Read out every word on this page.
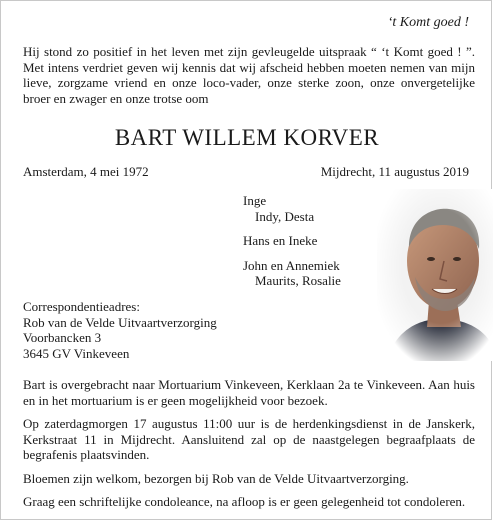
‘t Komt goed !
Hij stond zo positief in het leven met zijn gevleugelde uitspraak “ ‘t Komt goed ! ”. Met intens verdriet geven wij kennis dat wij afscheid hebben moeten nemen van mijn lieve, zorgzame vriend en onze loco-vader, onze sterke zoon, onze onvergetelijke broer en zwager en onze trotse oom
BART WILLEM KORVER
Amsterdam, 4 mei 1972	Mijdrecht, 11 augustus 2019
Inge
Indy, Desta
Hans en Ineke
John en Annemiek
Maurits, Rosalie
Correspondentieadres:
Rob van de Velde Uitvaartverzorging
Voorbancken 3
3645 GV Vinkeveen

Bart is overgebracht naar Mortuarium Vinkeveen, Kerklaan 2a te Vinkeveen. Aan huis en in het mortuarium is er geen mogelijkheid voor bezoek.

Op zaterdagmorgen 17 augustus 11:00 uur is de herdenkingsdienst in de Janskerk, Kerkstraat 11 in Mijdrecht. Aansluitend zal op de naastgelegen begraafplaats de begrafenis plaatsvinden.

Bloemen zijn welkom, bezorgen bij Rob van de Velde Uitvaartverzorging.

Graag een schriftelijke condoleance, na afloop is er geen gelegenheid tot condoleren.
